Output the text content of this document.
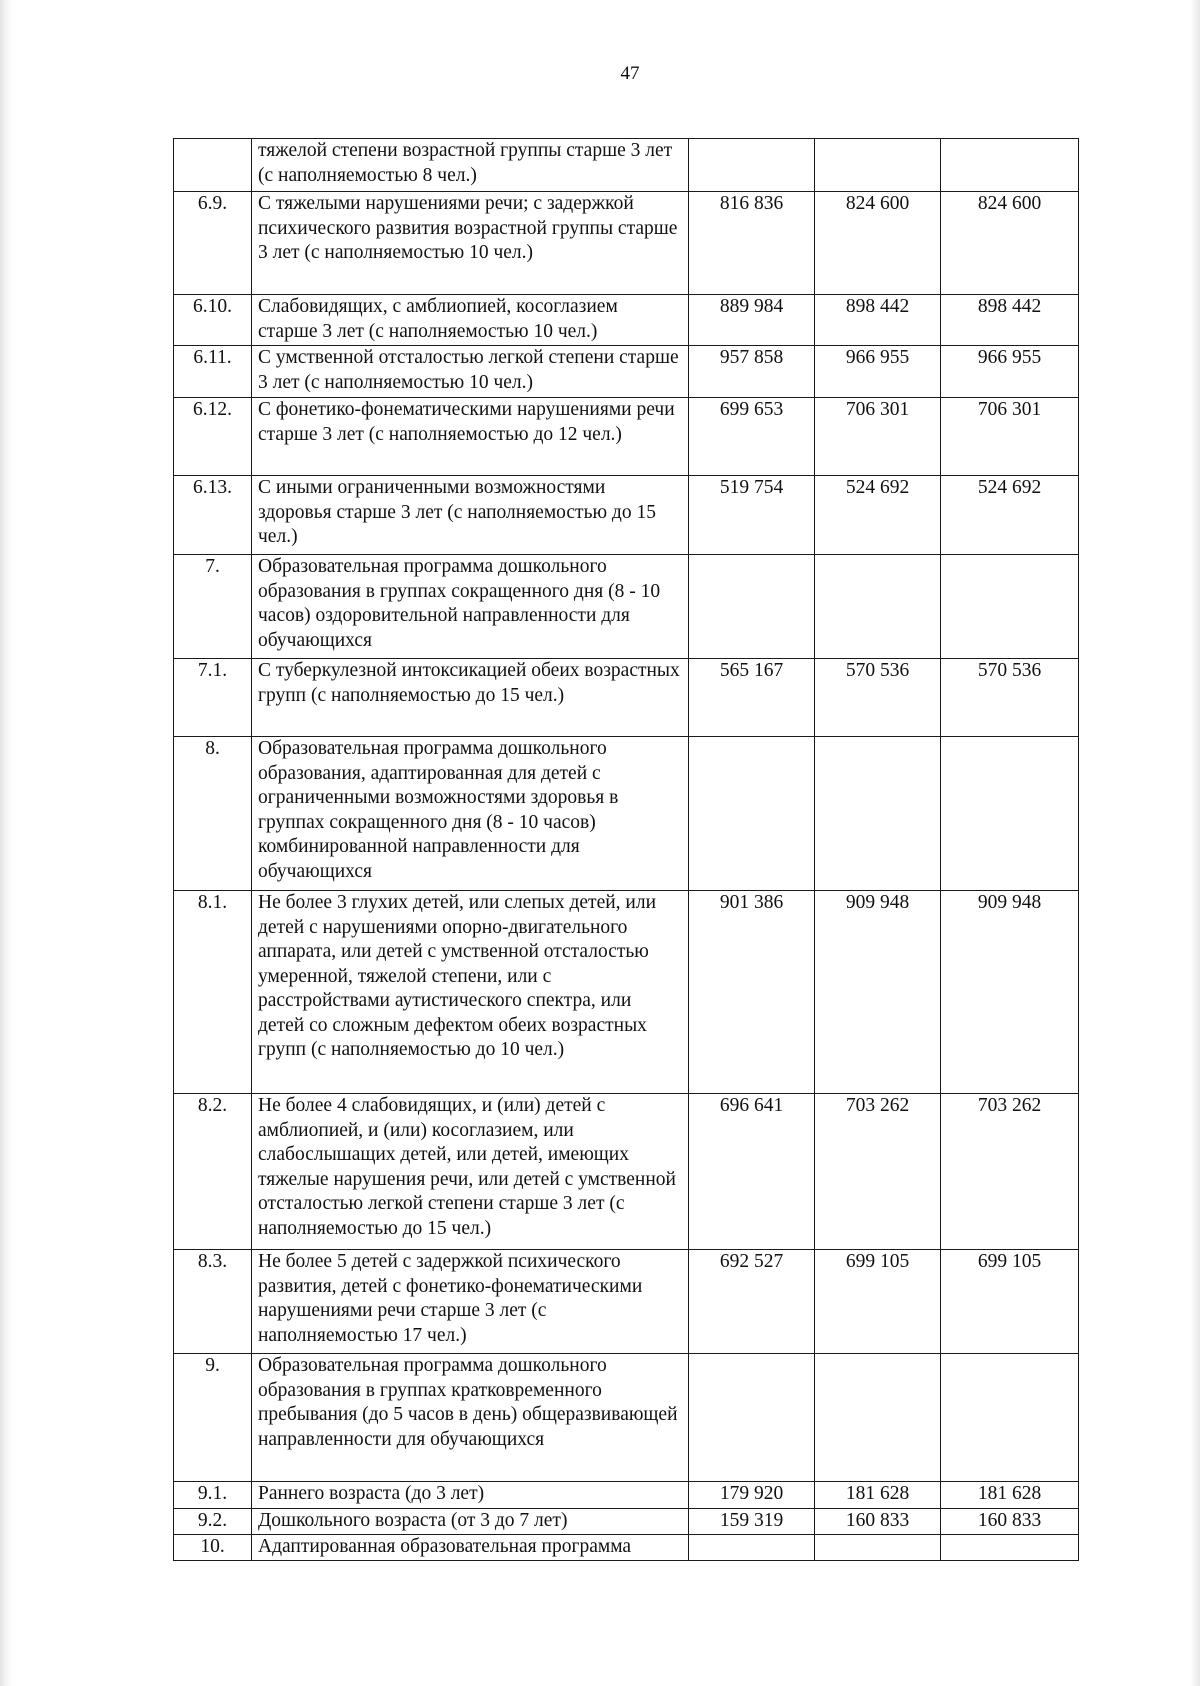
47
	тяжелой степени возрастной группы старше 3 лет (с наполняемостью 8 чел.)			
6.9.	С тяжелыми нарушениями речи; с задержкой психического развития возрастной группы старше 3 лет (с наполняемостью 10 чел.)	816 836	824 600	824 600
6.10.	Слабовидящих, с амблиопией, косоглазием старше 3 лет (с наполняемостью 10 чел.)	889 984	898 442	898 442
6.11.	С умственной отсталостью легкой степени старше 3 лет (с наполняемостью 10 чел.)	957 858	966 955	966 955
6.12.	С фонетико-фонематическими нарушениями речи старше 3 лет (с наполняемостью до 12 чел.)	699 653	706 301	706 301
6.13.	С иными ограниченными возможностями здоровья старше 3 лет (с наполняемостью до 15 чел.)	519 754	524 692	524 692
7.	Образовательная программа дошкольного образования в группах сокращенного дня (8 - 10 часов) оздоровительной направленности для обучающихся			
7.1.	С туберкулезной интоксикацией обеих возрастных групп (с наполняемостью до 15 чел.)	565 167	570 536	570 536
8.	Образовательная программа дошкольного образования, адаптированная для детей с ограниченными возможностями здоровья в группах сокращенного дня (8 - 10 часов) комбинированной направленности для обучающихся			
8.1.	Не более 3 глухих детей, или слепых детей, или детей с нарушениями опорно-двигательного аппарата, или детей с умственной отсталостью умеренной, тяжелой степени, или с расстройствами аутистического спектра, или детей со сложным дефектом обеих возрастных групп (с наполняемостью до 10 чел.)	901 386	909 948	909 948
8.2.	Не более 4 слабовидящих, и (или) детей с амблиопией, и (или) косоглазием, или слабослышащих детей, или детей, имеющих тяжелые нарушения речи, или детей с умственной отсталостью легкой степени старше 3 лет (с наполняемостью до 15 чел.)	696 641	703 262	703 262
8.3.	Не более 5 детей с задержкой психического развития, детей с фонетико-фонематическими нарушениями речи старше 3 лет (с наполняемостью 17 чел.)	692 527	699 105	699 105
9.	Образовательная программа дошкольного образования в группах кратковременного пребывания (до 5 часов в день) общеразвивающей направленности для обучающихся			
9.1.	Раннего возраста (до 3 лет)	179 920	181 628	181 628
9.2.	Дошкольного возраста (от 3 до 7 лет)	159 319	160 833	160 833
10.	Адаптированная образовательная программа			
